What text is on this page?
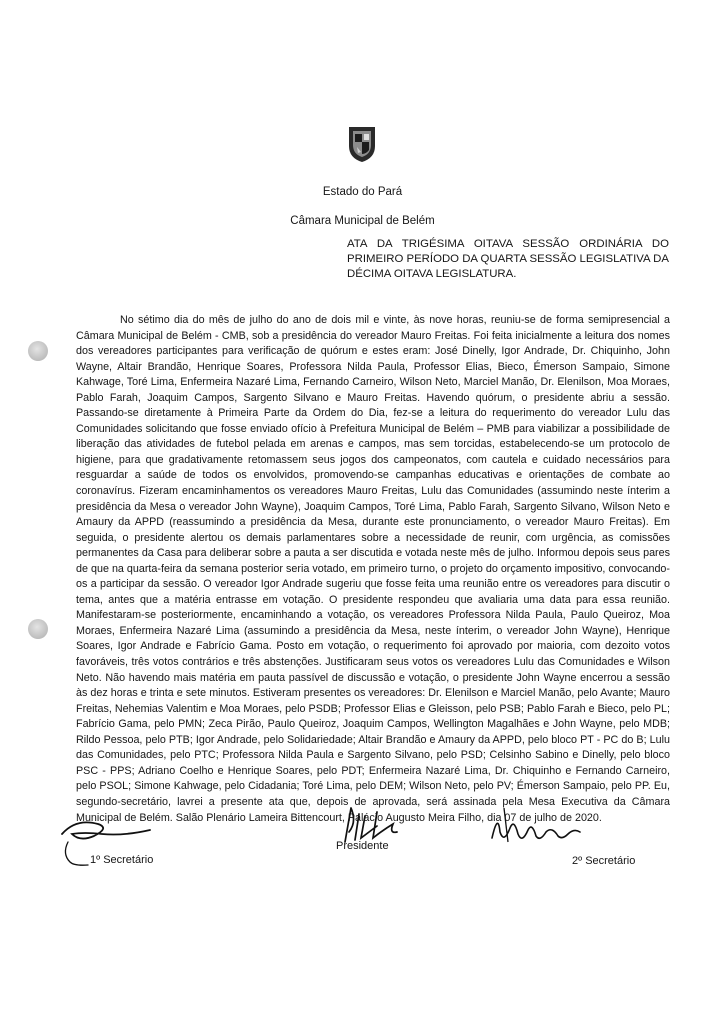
Estado do Pará
Câmara Municipal de Belém
ATA DA TRIGÉSIMA OITAVA SESSÃO ORDINÁRIA DO PRIMEIRO PERÍODO DA QUARTA SESSÃO LEGISLATIVA DA DÉCIMA OITAVA LEGISLATURA.

No sétimo dia do mês de julho do ano de dois mil e vinte, às nove horas, reuniu-se de forma semipresencial a Câmara Municipal de Belém - CMB, sob a presidência do vereador Mauro Freitas. Foi feita inicialmente a leitura dos nomes dos vereadores participantes para verificação de quórum e estes eram: José Dinelly, Igor Andrade, Dr. Chiquinho, John Wayne, Altair Brandão, Henrique Soares, Professora Nilda Paula, Professor Elias, Bieco, Émerson Sampaio, Simone Kahwage, Toré Lima, Enfermeira Nazaré Lima, Fernando Carneiro, Wilson Neto, Marciel Manão, Dr. Elenilson, Moa Moraes, Pablo Farah, Joaquim Campos, Sargento Silvano e Mauro Freitas. Havendo quórum, o presidente abriu a sessão. Passando-se diretamente à Primeira Parte da Ordem do Dia, fez-se a leitura do requerimento do vereador Lulu das Comunidades solicitando que fosse enviado ofício à Prefeitura Municipal de Belém – PMB para viabilizar a possibilidade de liberação das atividades de futebol pelada em arenas e campos, mas sem torcidas, estabelecendo-se um protocolo de higiene, para que gradativamente retomassem seus jogos dos campeonatos, com cautela e cuidado necessários para resguardar a saúde de todos os envolvidos, promovendo-se campanhas educativas e orientações de combate ao coronavírus. Fizeram encaminhamentos os vereadores Mauro Freitas, Lulu das Comunidades (assumindo neste ínterim a presidência da Mesa o vereador John Wayne), Joaquim Campos, Toré Lima, Pablo Farah, Sargento Silvano, Wilson Neto e Amaury da APPD (reassumindo a presidência da Mesa, durante este pronunciamento, o vereador Mauro Freitas). Em seguida, o presidente alertou os demais parlamentares sobre a necessidade de reunir, com urgência, as comissões permanentes da Casa para deliberar sobre a pauta a ser discutida e votada neste mês de julho. Informou depois seus pares de que na quarta-feira da semana posterior seria votado, em primeiro turno, o projeto do orçamento impositivo, convocando-os a participar da sessão. O vereador Igor Andrade sugeriu que fosse feita uma reunião entre os vereadores para discutir o tema, antes que a matéria entrasse em votação. O presidente respondeu que avaliaria uma data para essa reunião. Manifestaram-se posteriormente, encaminhando a votação, os vereadores Professora Nilda Paula, Paulo Queiroz, Moa Moraes, Enfermeira Nazaré Lima (assumindo a presidência da Mesa, neste ínterim, o vereador John Wayne), Henrique Soares, Igor Andrade e Fabrício Gama. Posto em votação, o requerimento foi aprovado por maioria, com dezoito votos favoráveis, três votos contrários e três abstenções. Justificaram seus votos os vereadores Lulu das Comunidades e Wilson Neto. Não havendo mais matéria em pauta passível de discussão e votação, o presidente John Wayne encerrou a sessão às dez horas e trinta e sete minutos. Estiveram presentes os vereadores: Dr. Elenilson e Marciel Manão, pelo Avante; Mauro Freitas, Nehemias Valentim e Moa Moraes, pelo PSDB; Professor Elias e Gleisson, pelo PSB; Pablo Farah e Bieco, pelo PL; Fabrício Gama, pelo PMN; Zeca Pirão, Paulo Queiroz, Joaquim Campos, Wellington Magalhães e John Wayne, pelo MDB; Rildo Pessoa, pelo PTB; Igor Andrade, pelo Solidariedade; Altair Brandão e Amaury da APPD, pelo bloco PT - PC do B; Lulu das Comunidades, pelo PTC; Professora Nilda Paula e Sargento Silvano, pelo PSD; Celsinho Sabino e Dinelly, pelo bloco PSC - PPS; Adriano Coelho e Henrique Soares, pelo PDT; Enfermeira Nazaré Lima, Dr. Chiquinho e Fernando Carneiro, pelo PSOL; Simone Kahwage, pelo Cidadania; Toré Lima, pelo DEM; Wilson Neto, pelo PV; Émerson Sampaio, pelo PP. Eu, segundo-secretário, lavrei a presente ata que, depois de aprovada, será assinada pela Mesa Executiva da Câmara Municipal de Belém. Salão Plenário Lameira Bittencourt, Palácio Augusto Meira Filho, dia 07 de julho de 2020.

1º Secretário
Presidente
2º Secretário
